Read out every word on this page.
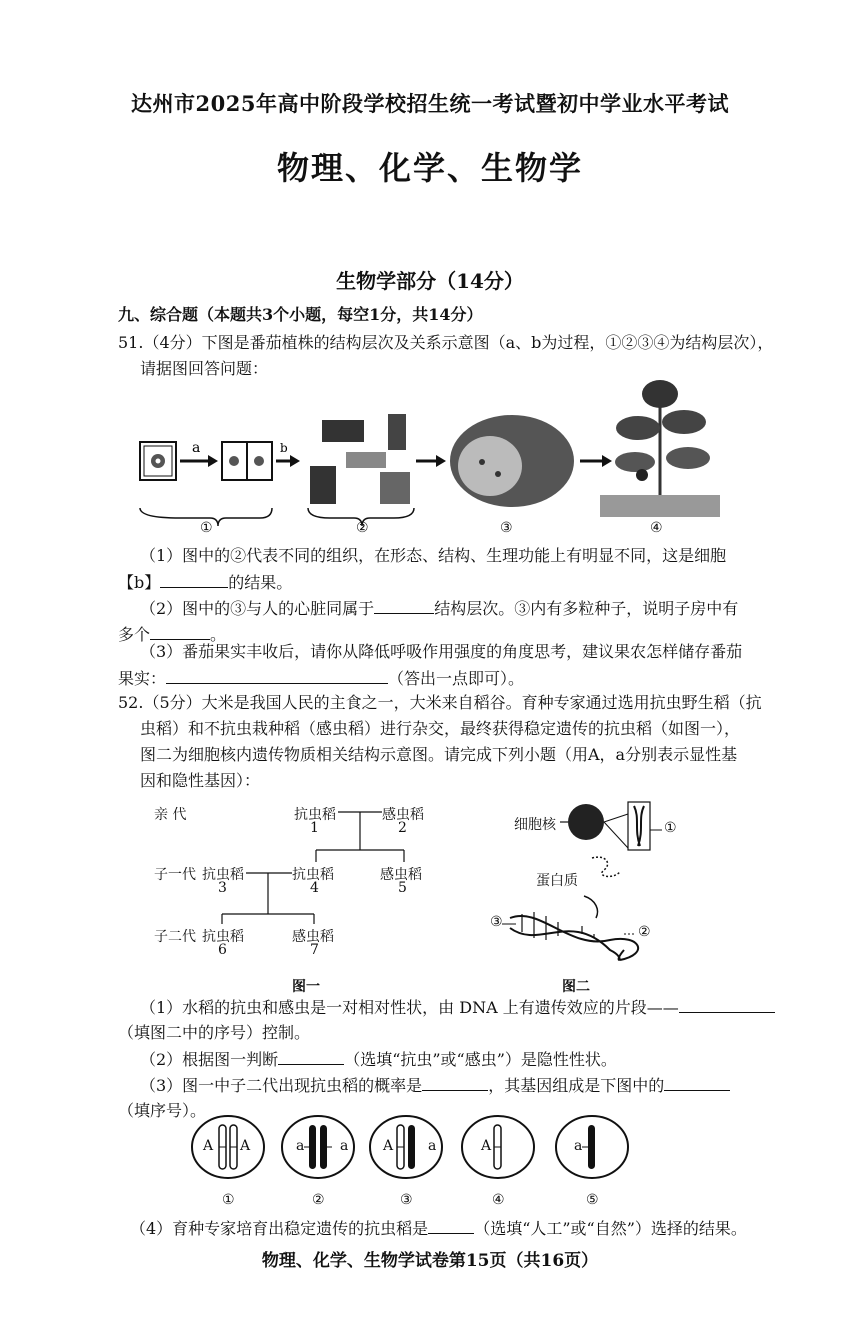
达州市2025年高中阶段学校招生统一考试暨初中学业水平考试
物理、化学、生物学
生物学部分（14分）
九、综合题（本题共3个小题，每空1分，共14分）
51.（4分）下图是番茄植株的结构层次及关系示意图（a、b为过程，①②③④为结构层次），
请据图回答问题：
a	b
①	②	③	④
（1）图中的②代表不同的组织，在形态、结构、生理功能上有明显不同，这是细胞
【b】	的结果。
（2）图中的③与人的心脏同属于	结构层次。③内有多粒种子，说明子房中有
多个	。
（3）番茄果实丰收后，请你从降低呼吸作用强度的角度思考，建议果农怎样储存番茄
果实：	（答出一点即可）。
52.（5分）大米是我国人民的主食之一，大米来自稻谷。育种专家通过选用抗虫野生稻（抗
虫稻）和不抗虫栽种稻（感虫稻）进行杂交，最终获得稳定遗传的抗虫稻（如图一），
图二为细胞核内遗传物质相关结构示意图。请完成下列小题（用A，a分别表示显性基
因和隐性基因）：
亲 代
子一代
子二代
抗虫稻
1
感虫稻
2
抗虫稻
3
抗虫稻
4
感虫稻
5
抗虫稻
6
感虫稻
7
图一
细胞核	①
蛋白质
②
③
图二
（1）水稻的抗虫和感虫是一对相对性状，由 DNA 上有遗传效应的片段——
（填图二中的序号）控制。
（2）根据图一判断	（选填“抗虫”或“感虫”）是隐性性状。
（3）图一中子二代出现抗虫稻的概率是	，其基因组成是下图中的
（填序号）。
A A	a	a A a	A	a
①	②	③	④	⑤
（4）育种专家培育出稳定遗传的抗虫稻是	（选填“人工”或“自然”）选择的结果。
物理、化学、生物学试卷第15页（共16页）
